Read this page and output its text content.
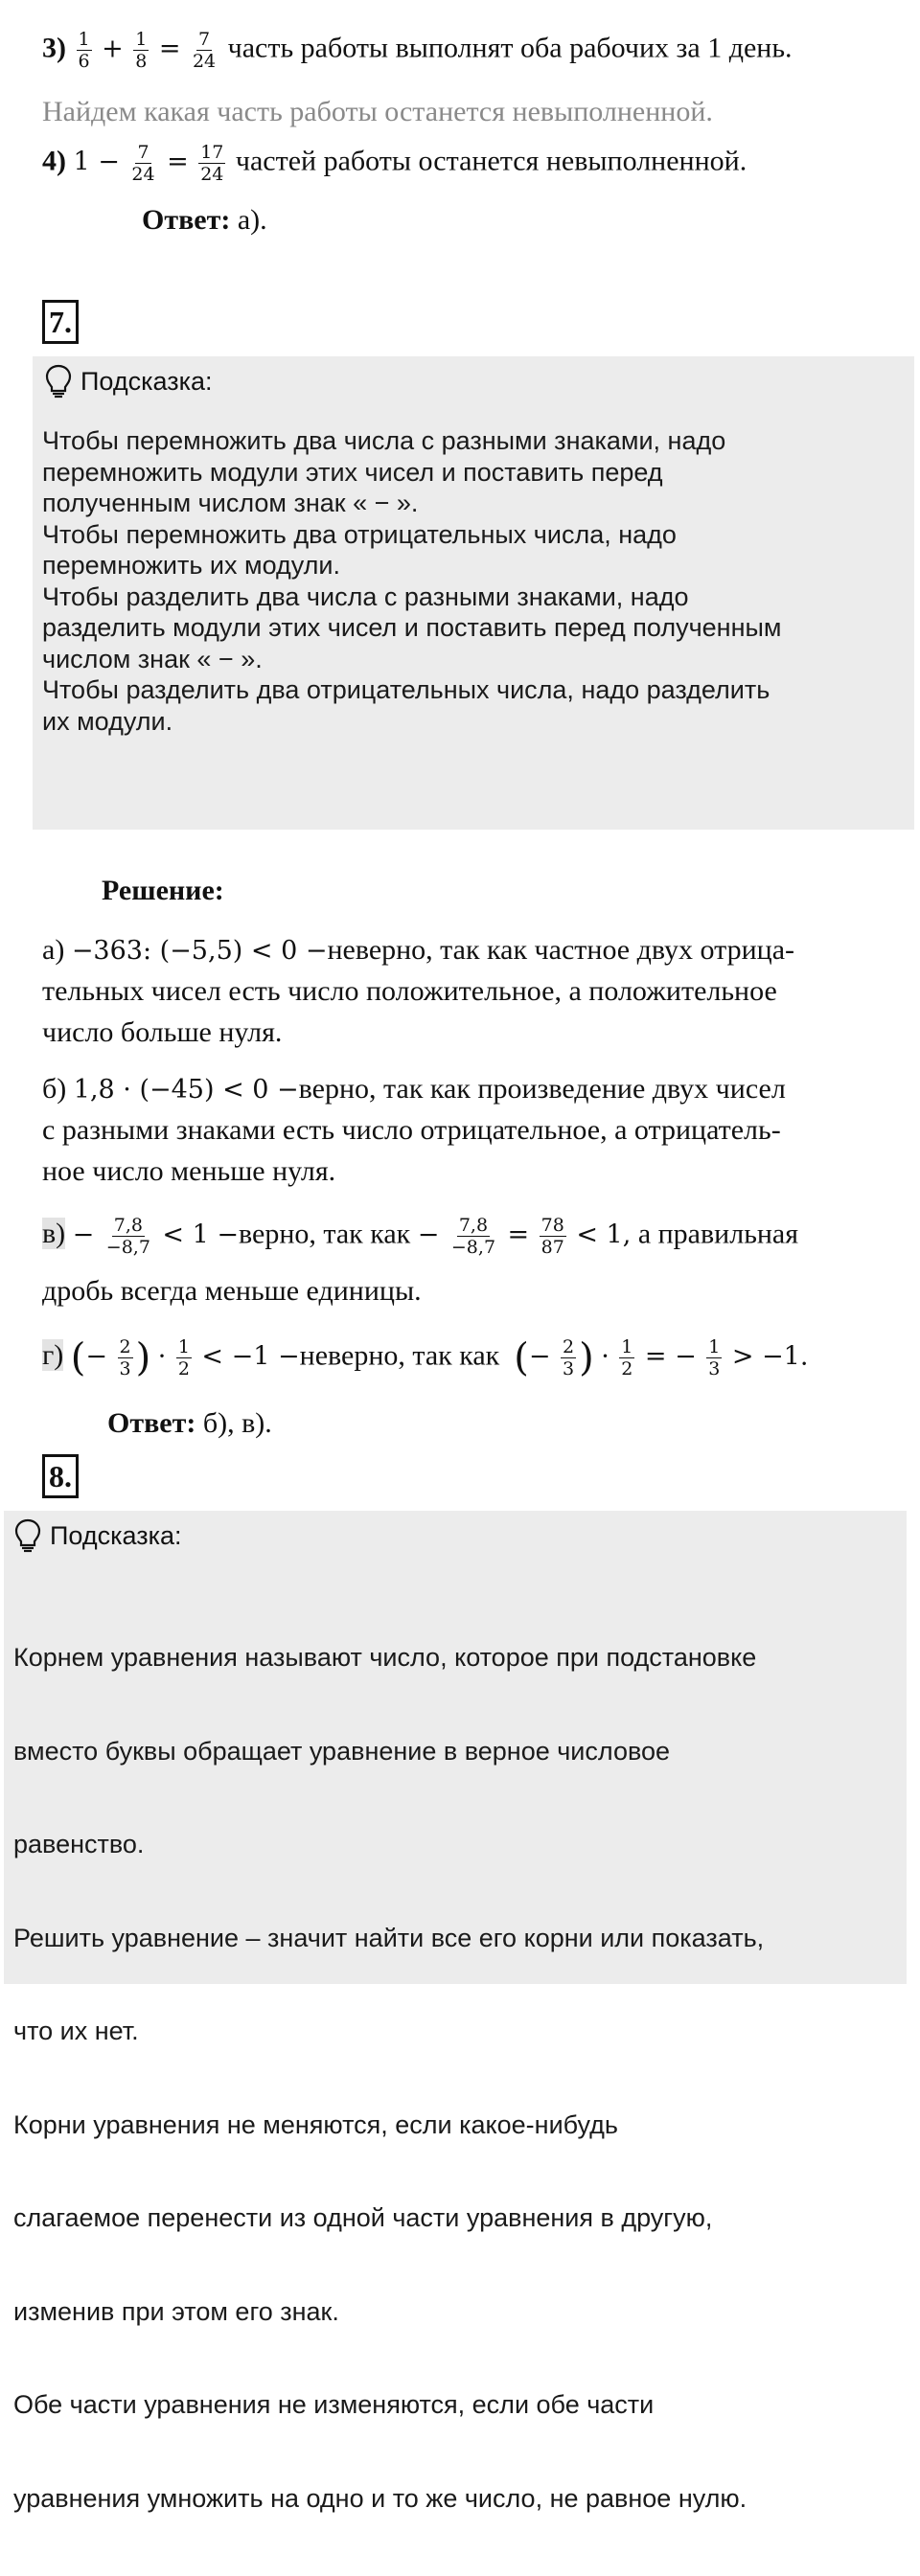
$3) \frac{1}{6} + \frac{1}{8} = \frac{7}{24}$ часть работы выполнят оба рабочих за 1 день.
Найдем какая часть работы останется невыполненной.
4) $1 - \frac{7}{24} = \frac{17}{24}$ частей работы останется невыполненной.
Ответ: а).
7.
Подсказка:
Чтобы перемножить два числа с разными знаками, надо
перемножить модули этих чисел и поставить перед
полученным числом знак « − ».
Чтобы перемножить два отрицательных числа, надо
перемножить их модули.
Чтобы разделить два числа с разными знаками, надо
разделить модули этих чисел и поставить перед полученным
числом знак « − ».
Чтобы разделить два отрицательных числа, надо разделить
их модули.
Решение:
а) −363: (−5,5) < 0 −неверно, так как частное двух отрица-
тельных чисел есть число положительное, а положительное
число больше нуля.
б) 1,8 · (−45) < 0 −верно, так как произведение двух чисел
с разными знаками есть число отрицательное, а отрицатель-
ное число меньше нуля.
$в) - \frac{7,8}{-8,7} < 1$ −верно, так как − $\frac{7,8}{-8,7} = \frac{78}{87} < 1$, а правильная
дробь всегда меньше единицы.
г) (− $\frac{2}{3}$ ) · $\frac{1}{2} < -1$ −неверно, так как (− $\frac{2}{3}$ ) · $\frac{1}{2}$ = − $\frac{1}{3} > -1$.
Ответ: б), в).
8.
Подсказка:

Корнем уравнения называют число, которое при подстановке

вместо буквы обращает уравнение в верное числовое

равенство.

Решить уравнение – значит найти все его корни или показать,

что их нет.

Корни уравнения не меняются, если какое-нибудь

слагаемое перенести из одной части уравнения в другую,

изменив при этом его знак.

Обе части уравнения не изменяются, если обе части

уравнения умножить на одно и то же число, не равное нулю.
